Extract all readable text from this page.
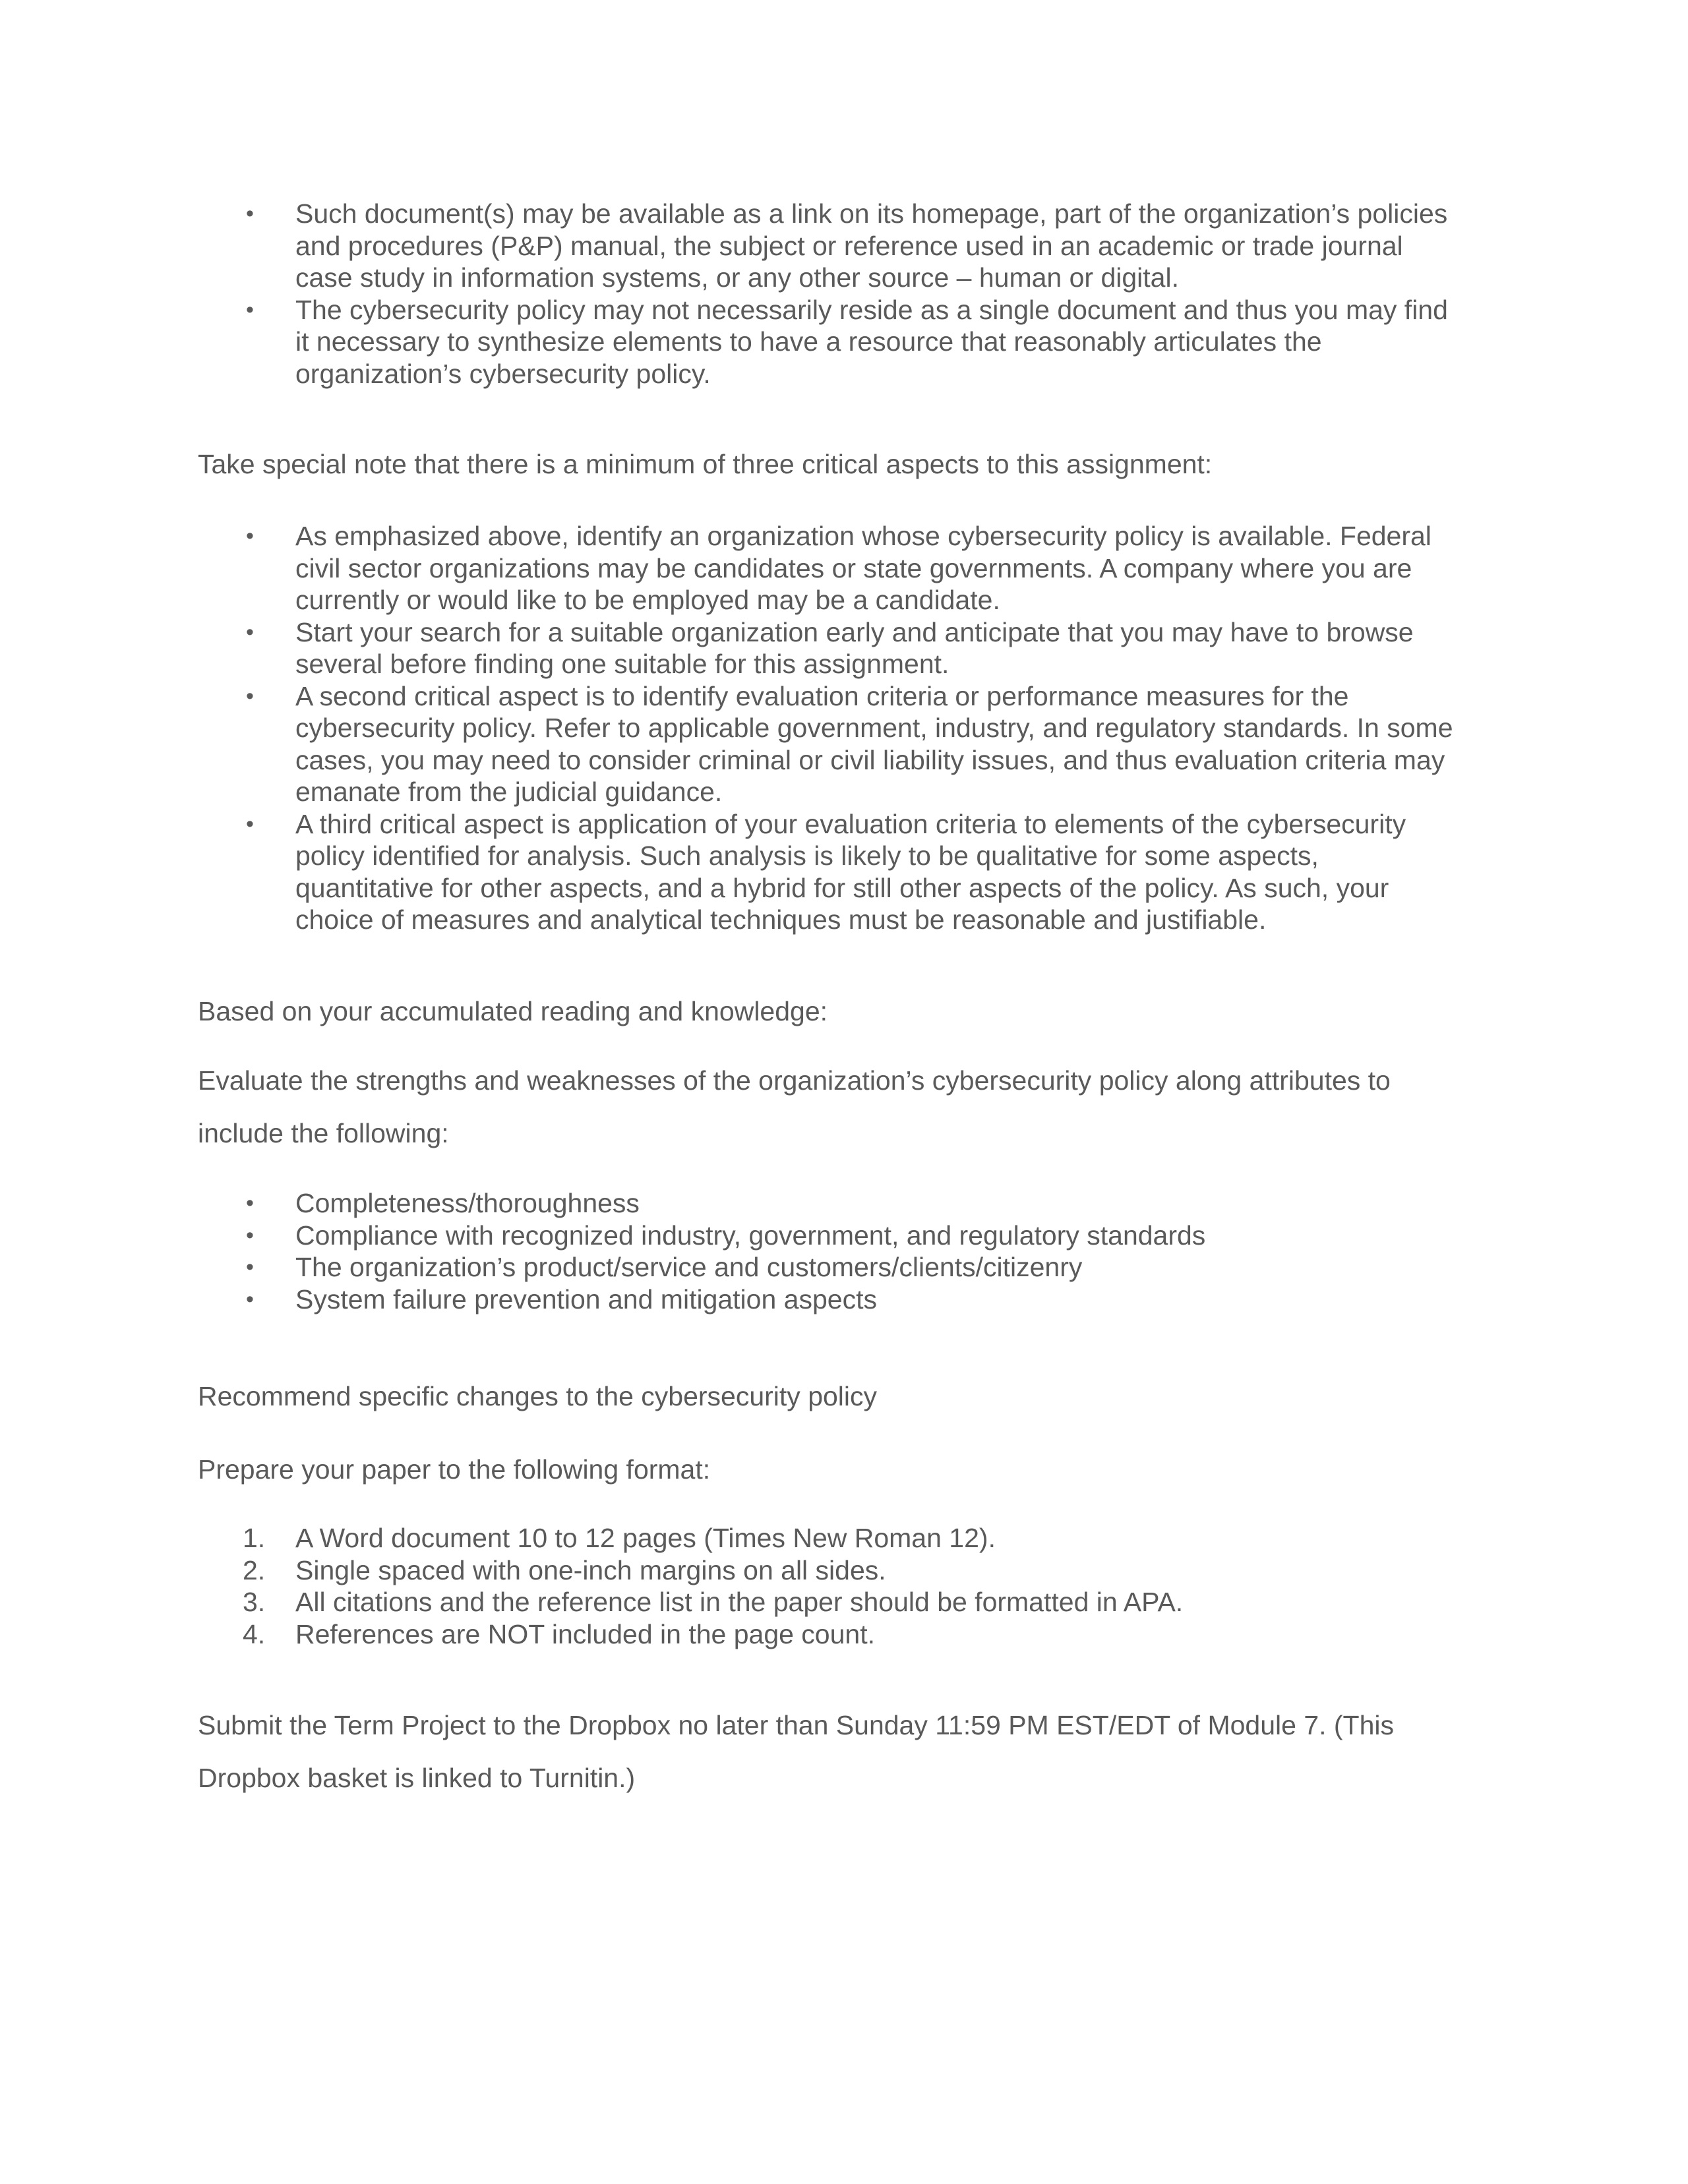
•	Such document(s) may be available as a link on its homepage, part of the organization’s policies
and procedures (P&P) manual, the subject or reference used in an academic or trade journal
case study in information systems, or any other source – human or digital.
•	The cybersecurity policy may not necessarily reside as a single document and thus you may find
it necessary to synthesize elements to have a resource that reasonably articulates the
organization’s cybersecurity policy.

Take special note that there is a minimum of three critical aspects to this assignment:

•	As emphasized above, identify an organization whose cybersecurity policy is available. Federal
civil sector organizations may be candidates or state governments. A company where you are
currently or would like to be employed may be a candidate.
•	Start your search for a suitable organization early and anticipate that you may have to browse
several before finding one suitable for this assignment.
•	A second critical aspect is to identify evaluation criteria or performance measures for the
cybersecurity policy. Refer to applicable government, industry, and regulatory standards. In some
cases, you may need to consider criminal or civil liability issues, and thus evaluation criteria may
emanate from the judicial guidance.
•	A third critical aspect is application of your evaluation criteria to elements of the cybersecurity
policy identified for analysis. Such analysis is likely to be qualitative for some aspects,
quantitative for other aspects, and a hybrid for still other aspects of the policy. As such, your
choice of measures and analytical techniques must be reasonable and justifiable.

Based on your accumulated reading and knowledge:

Evaluate the strengths and weaknesses of the organization’s cybersecurity policy along attributes to
include the following:

•	Completeness/thoroughness
•	Compliance with recognized industry, government, and regulatory standards
•	The organization’s product/service and customers/clients/citizenry
•	System failure prevention and mitigation aspects

Recommend specific changes to the cybersecurity policy

Prepare your paper to the following format:

1.	A Word document 10 to 12 pages (Times New Roman 12).
2.	Single spaced with one-inch margins on all sides.
3.	All citations and the reference list in the paper should be formatted in APA.
4.	References are NOT included in the page count.

Submit the Term Project to the Dropbox no later than Sunday 11:59 PM EST/EDT of Module 7. (This
Dropbox basket is linked to Turnitin.)
